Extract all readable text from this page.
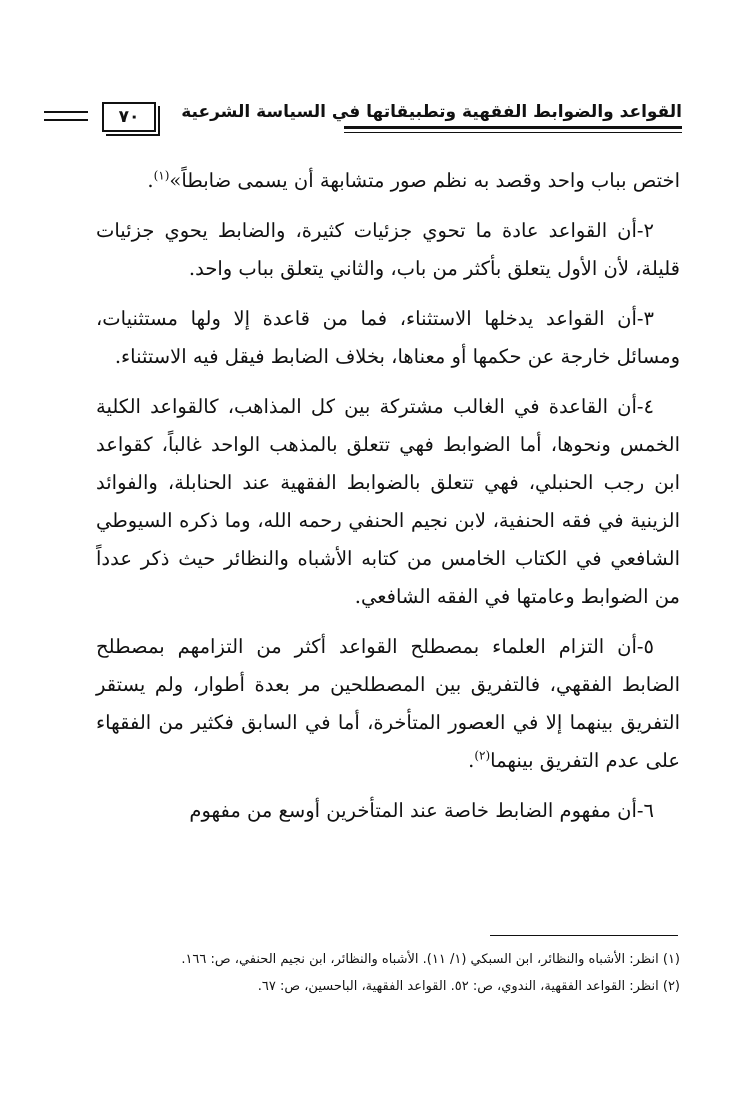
القواعد والضوابط الفقهية وتطبيقاتها في السياسة الشرعية
٧٠

اختص بباب واحد وقصد به نظم صور متشابهة أن يسمى ضابطاً»$^{(١)}$.

٢-أن القواعد عادة ما تحوي جزئيات كثيرة، والضابط يحوي جزئيات قليلة، لأن الأول يتعلق بأكثر من باب، والثاني يتعلق بباب واحد.

٣-أن القواعد يدخلها الاستثناء، فما من قاعدة إلا ولها مستثنيات، ومسائل خارجة عن حكمها أو معناها، بخلاف الضابط فيقل فيه الاستثناء.

٤-أن القاعدة في الغالب مشتركة بين كل المذاهب، كالقواعد الكلية الخمس ونحوها، أما الضوابط فهي تتعلق بالمذهب الواحد غالباً، كقواعد ابن رجب الحنبلي، فهي تتعلق بالضوابط الفقهية عند الحنابلة، والفوائد الزينية في فقه الحنفية، لابن نجيم الحنفي رحمه الله، وما ذكره السيوطي الشافعي في الكتاب الخامس من كتابه الأشباه والنظائر حيث ذكر عدداً من الضوابط وعامتها في الفقه الشافعي.

٥-أن التزام العلماء بمصطلح القواعد أكثر من التزامهم بمصطلح الضابط الفقهي، فالتفريق بين المصطلحين مر بعدة أطوار، ولم يستقر التفريق بينهما إلا في العصور المتأخرة، أما في السابق فكثير من الفقهاء على عدم التفريق بينهما$^{(٢)}$.

٦-أن مفهوم الضابط خاصة عند المتأخرين أوسع من مفهوم

(١) انظر: الأشباه والنظائر، ابن السبكي (١/ ١١). الأشباه والنظائر، ابن نجيم الحنفي، ص: ١٦٦.
(٢) انظر: القواعد الفقهية، الندوي، ص: ٥٢. القواعد الفقهية، الباحسين، ص: ٦٧.
